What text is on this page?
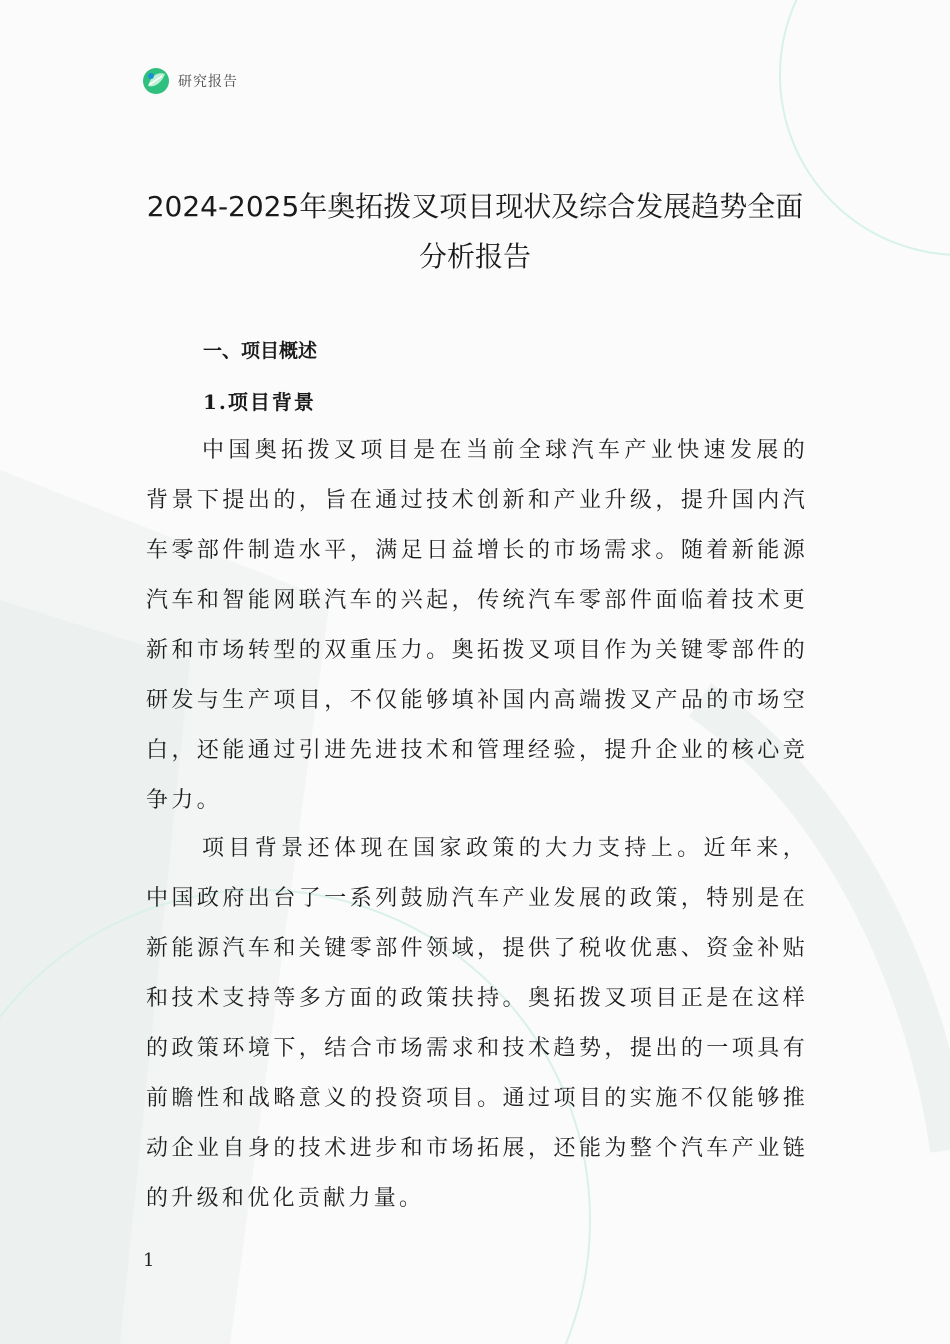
研究报告
2024-2025年奥拓拨叉项目现状及综合发展趋势全面分析报告
一、项目概述
1.项目背景

中国奥拓拨叉项目是在当前全球汽车产业快速发展的背景下提出的，旨在通过技术创新和产业升级，提升国内汽车零部件制造水平，满足日益增长的市场需求。随着新能源汽车和智能网联汽车的兴起，传统汽车零部件面临着技术更新和市场转型的双重压力。奥拓拨叉项目作为关键零部件的研发与生产项目，不仅能够填补国内高端拨叉产品的市场空白，还能通过引进先进技术和管理经验，提升企业的核心竞争力。

项目背景还体现在国家政策的大力支持上。近年来，中国政府出台了一系列鼓励汽车产业发展的政策，特别是在新能源汽车和关键零部件领域，提供了税收优惠、资金补贴和技术支持等多方面的政策扶持。奥拓拨叉项目正是在这样的政策环境下，结合市场需求和技术趋势，提出的一项具有前瞻性和战略意义的投资项目。通过项目的实施不仅能够推动企业自身的技术进步和市场拓展，还能为整个汽车产业链的升级和优化贡献力量。

1
